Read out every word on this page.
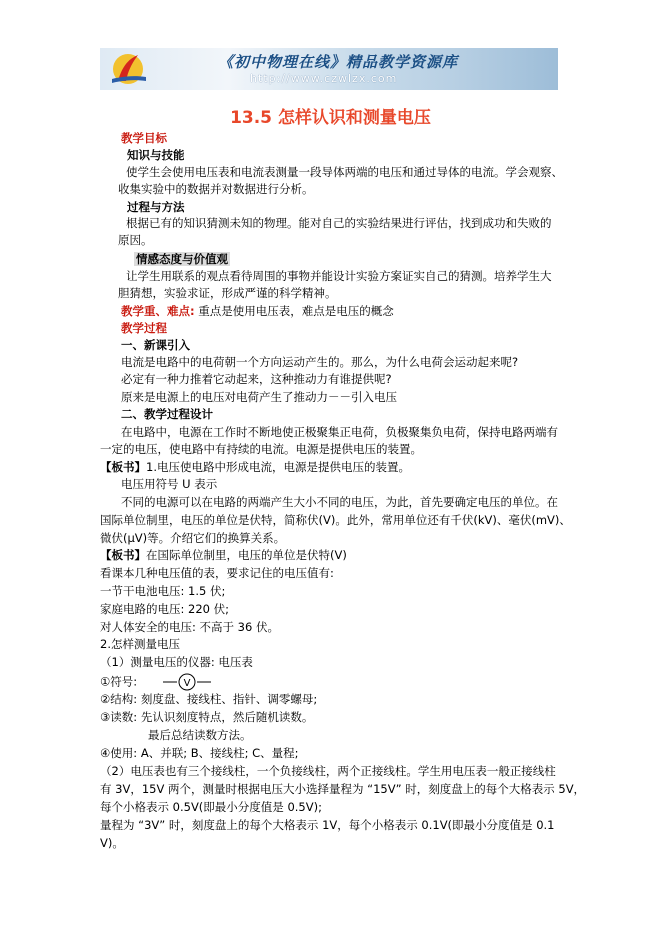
《初中物理在线》精品教学资源库
http://www.czwlzx.com
13.5 怎样认识和测量电压
教学目标
知识与技能
使学生会使用电压表和电流表测量一段导体两端的电压和通过导体的电流。学会观察、
收集实验中的数据并对数据进行分析。
过程与方法
根据已有的知识猜测未知的物理。能对自己的实验结果进行评估，找到成功和失败的
原因。
情感态度与价值观
让学生用联系的观点看待周围的事物并能设计实验方案证实自己的猜测。培养学生大
胆猜想，实验求证，形成严谨的科学精神。
教学重、难点: 重点是使用电压表，难点是电压的概念
教学过程
一、新课引入
电流是电路中的电荷朝一个方向运动产生的。那么，为什么电荷会运动起来呢?
必定有一种力推着它动起来，这种推动力有谁提供呢?
原来是电源上的电压对电荷产生了推动力－－引入电压
二、教学过程设计
在电路中，电源在工作时不断地使正极聚集正电荷，负极聚集负电荷，保持电路两端有
一定的电压，使电路中有持续的电流。电源是提供电压的装置。
【板书】1.电压使电路中形成电流，电源是提供电压的装置。
电压用符号 U 表示
不同的电源可以在电路的两端产生大小不同的电压，为此，首先要确定电压的单位。在
国际单位制里，电压的单位是伏特，简称伏(V)。此外，常用单位还有千伏(kV)、毫伏(mV)、
微伏(μV)等。介绍它们的换算关系。
【板书】在国际单位制里，电压的单位是伏特(V)
看课本几种电压值的表，要求记住的电压值有:
一节干电池电压: 1.5 伏;
家庭电路的电压: 220 伏;
对人体安全的电压: 不高于 36 伏。
2.怎样测量电压
（1）测量电压的仪器: 电压表
①符号:	V
②结构: 刻度盘、接线柱、指针、调零螺母;
③读数: 先认识刻度特点，然后随机读数。
最后总结读数方法。
④使用: A、并联; B、接线柱; C、量程;
（2）电压表也有三个接线柱，一个负接线柱，两个正接线柱。学生用电压表一般正接线柱
有 3V，15V 两个，测量时根据电压大小选择量程为 “15V” 时，刻度盘上的每个大格表示 5V，
每个小格表示 0.5V(即最小分度值是 0.5V);
量程为 “3V” 时，刻度盘上的每个大格表示 1V，每个小格表示 0.1V(即最小分度值是 0.1
V)。
